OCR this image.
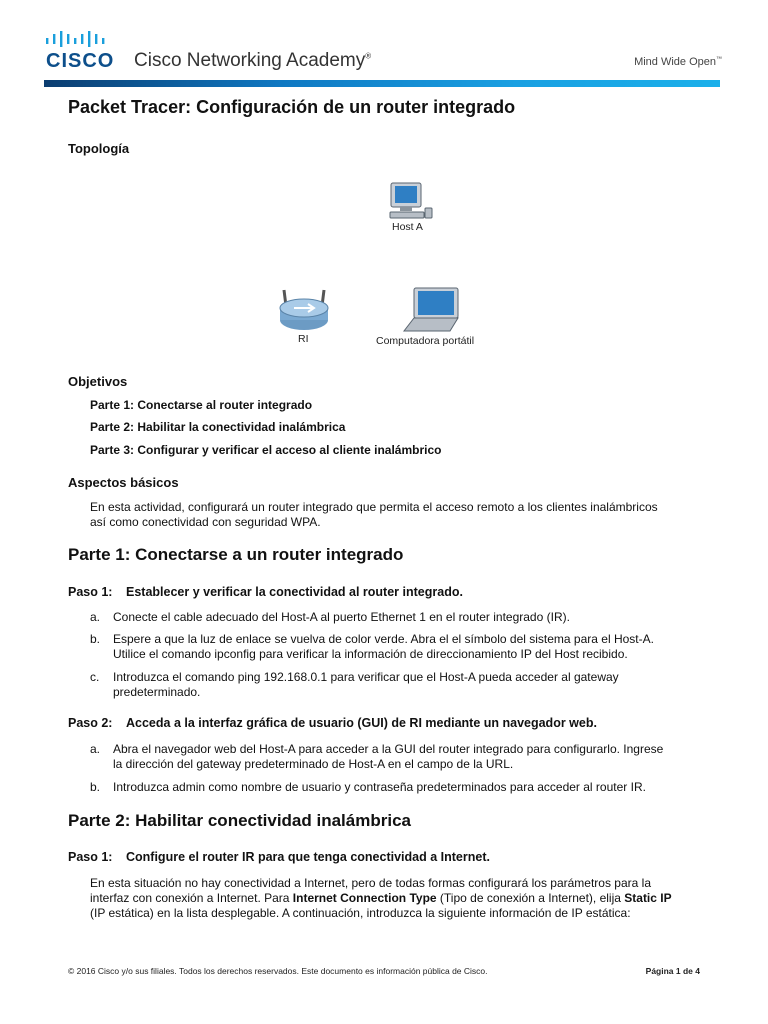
CISCO Cisco Networking Academy®	Mind Wide Open™
Packet Tracer: Configuración de un router integrado
Topología
Host A
RI	Computadora portátil
Objetivos
Parte 1: Conectarse al router integrado
Parte 2: Habilitar la conectividad inalámbrica
Parte 3: Configurar y verificar el acceso al cliente inalámbrico
Aspectos básicos
En esta actividad, configurará un router integrado que permita el acceso remoto a los clientes inalámbricos
así como conectividad con seguridad WPA.
Parte 1: Conectarse a un router integrado
Paso 1: Establecer y verificar la conectividad al router integrado.
a. Conecte el cable adecuado del Host-A al puerto Ethernet 1 en el router integrado (IR).
b. Espere a que la luz de enlace se vuelva de color verde. Abra el el símbolo del sistema para el Host-A.
Utilice el comando ipconfig para verificar la información de direccionamiento IP del Host recibido.
c. Introduzca el comando ping 192.168.0.1 para verificar que el Host-A pueda acceder al gateway
predeterminado.
Paso 2: Acceda a la interfaz gráfica de usuario (GUI) de RI mediante un navegador web.
a. Abra el navegador web del Host-A para acceder a la GUI del router integrado para configurarlo. Ingrese
la dirección del gateway predeterminado de Host-A en el campo de la URL.
b. Introduzca admin como nombre de usuario y contraseña predeterminados para acceder al router IR.
Parte 2: Habilitar conectividad inalámbrica
Paso 1: Configure el router IR para que tenga conectividad a Internet.
En esta situación no hay conectividad a Internet, pero de todas formas configurará los parámetros para la
interfaz con conexión a Internet. Para Internet Connection Type (Tipo de conexión a Internet), elija Static IP
(IP estática) en la lista desplegable. A continuación, introduzca la siguiente información de IP estática:
© 2016 Cisco y/o sus filiales. Todos los derechos reservados. Este documento es información pública de Cisco.	Página 1 de 4
